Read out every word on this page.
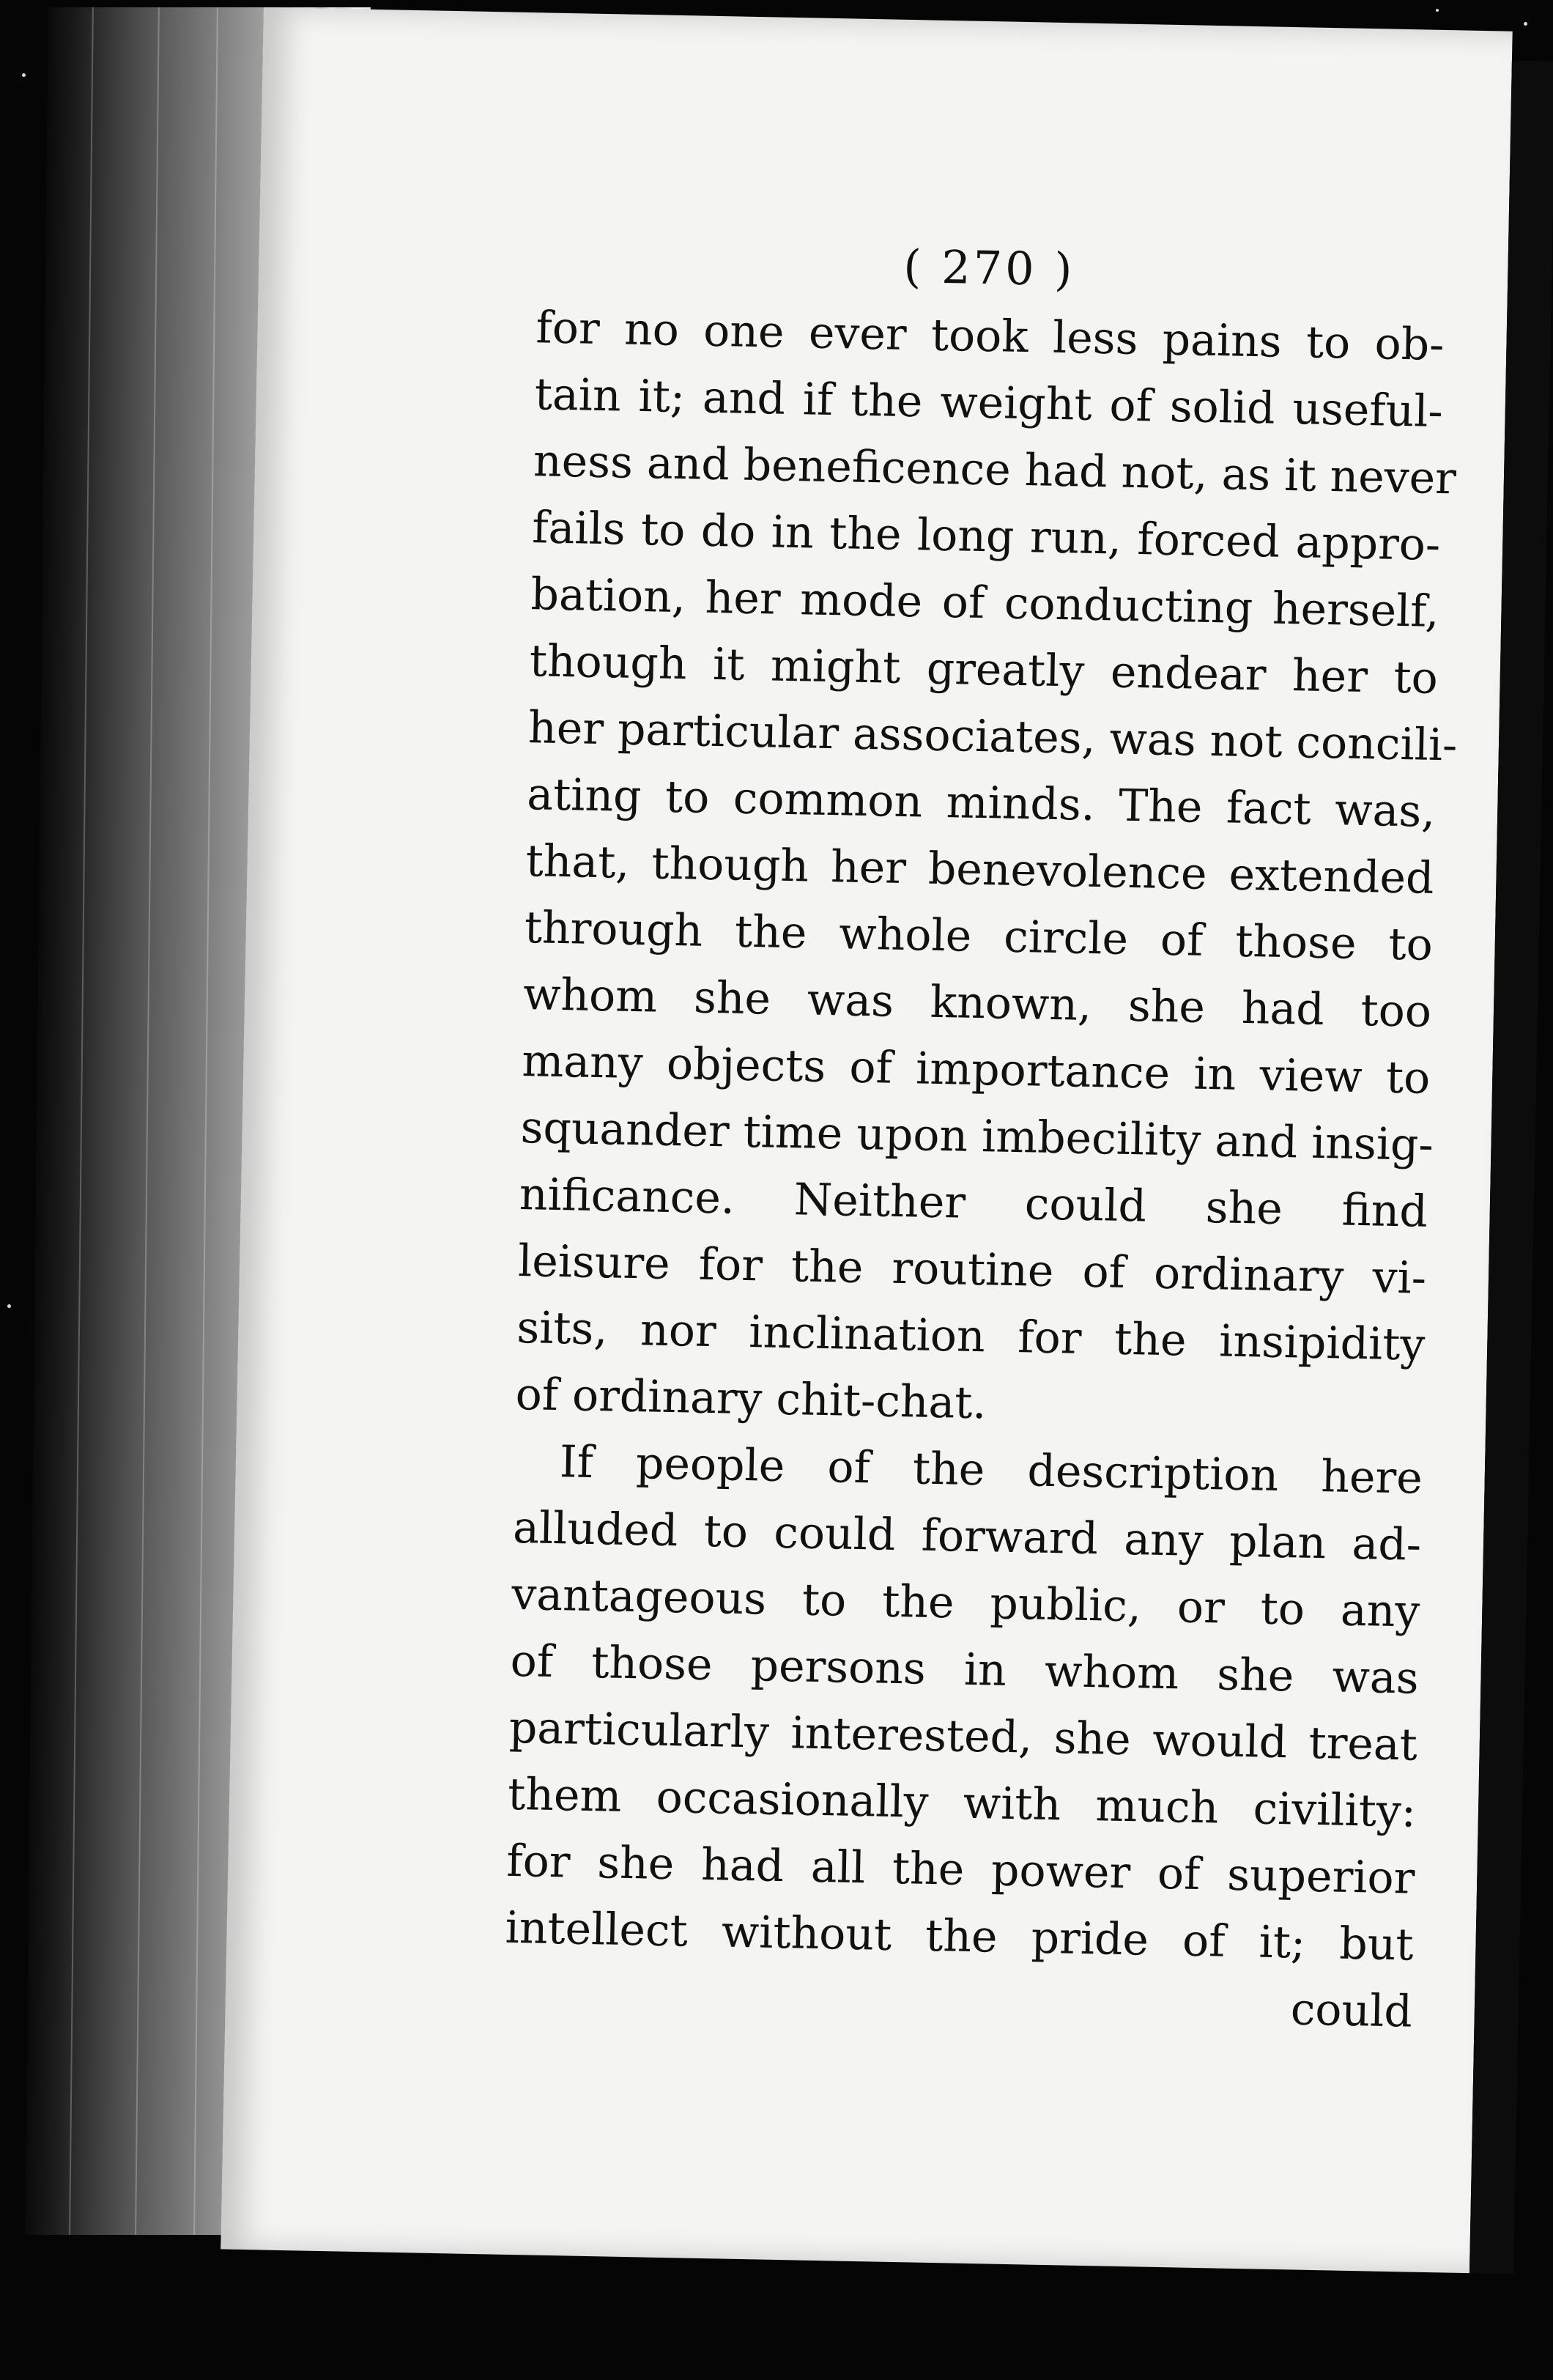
( 270 )
for no one ever took less pains to ob-
tain it; and if the weight of solid useful-
ness and beneficence had not, as it never
fails to do in the long run, forced appro-
bation, her mode of conducting herself,
though it might greatly endear her to
her particular associates, was not concili-
ating to common minds. The fact was,
that, though her benevolence extended
through the whole circle of those to
whom she was known, she had too
many objects of importance in view to
squander time upon imbecility and insig-
nificance. Neither could she find
leisure for the routine of ordinary vi-
sits, nor inclination for the insipidity
of ordinary chit-chat.
If people of the description here
alluded to could forward any plan ad-
vantageous to the public, or to any
of those persons in whom she was
particularly interested, she would treat
them occasionally with much civility:
for she had all the power of superior
intellect without the pride of it; but
could
